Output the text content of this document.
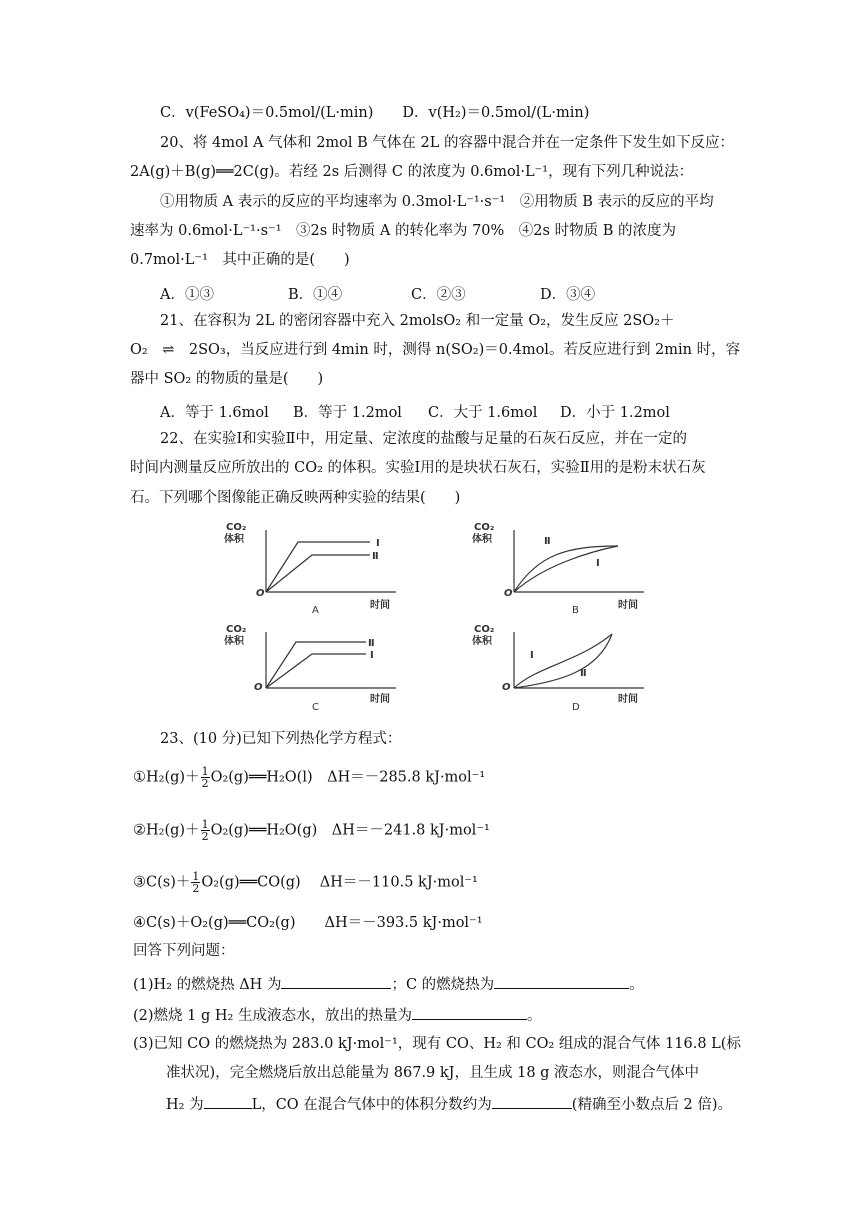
C．v(FeSO₄)＝0.5mol/(L·min)　　D．v(H₂)＝0.5mol/(L·min)
20、将 4mol A 气体和 2mol B 气体在 2L 的容器中混合并在一定条件下发生如下反应：
2A(g)＋B(g)══2C(g)。若经 2s 后测得 C 的浓度为 0.6mol·L⁻¹，现有下列几种说法：
①用物质 A 表示的反应的平均速率为 0.3mol·L⁻¹·s⁻¹　②用物质 B 表示的反应的平均
速率为 0.6mol·L⁻¹·s⁻¹　③2s 时物质 A 的转化率为 70%　④2s 时物质 B 的浓度为
0.7mol·L⁻¹　其中正确的是(　　)
A．①③	B．①④	C．②③	D．③④
21、在容积为 2L 的密闭容器中充入 2molsO₂ 和一定量 O₂，发生反应 2SO₂＋
O₂　⇌　2SO₃，当反应进行到 4min 时，测得 n(SO₂)＝0.4mol。若反应进行到 2min 时，容
器中 SO₂ 的物质的量是(　　)
A．等于 1.6mol B．等于 1.2mol C．大于 1.6mol D．小于 1.2mol
22、在实验Ⅰ和实验Ⅱ中，用定量、定浓度的盐酸与足量的石灰石反应，并在一定的
时间内测量反应所放出的 CO₂ 的体积。实验Ⅰ用的是块状石灰石，实验Ⅱ用的是粉末状石灰
石。下列哪个图像能正确反映两种实验的结果(　　)
CO₂
体积	Ⅰ
Ⅱ
O
时间
A
CO₂
体积	Ⅱ
Ⅰ
O
时间
B
CO₂
体积	Ⅱ
Ⅰ
O
时间
C
CO₂
体积
Ⅰ
Ⅱ
O
时间
D
23、(10 分)已知下列热化学方程式：
①H₂(g)＋ $\frac{1}{2}$ O₂(g)══H₂O(l)　ΔH＝－285.8 kJ·mol⁻¹
②H₂(g)＋ $\frac{1}{2}$ O₂(g)══H₂O(g)　ΔH＝－241.8 kJ·mol⁻¹
③C(s)＋ $\frac{1}{2}$ O₂(g)══CO(g)　 ΔH＝－110.5 kJ·mol⁻¹
④C(s)＋O₂(g)══CO₂(g)　　ΔH＝－393.5 kJ·mol⁻¹
回答下列问题：
(1)H₂ 的燃烧热 ΔH 为	；C 的燃烧热为	。
(2)燃烧 1 g H₂ 生成液态水，放出的热量为	。
(3)已知 CO 的燃烧热为 283.0 kJ·mol⁻¹，现有 CO、H₂ 和 CO₂ 组成的混合气体 116.8 L(标
准状况)，完全燃烧后放出总能量为 867.9 kJ，且生成 18 g 液态水，则混合气体中
H₂ 为	L，CO 在混合气体中的体积分数约为	(精确至小数点后 2 倍)。
